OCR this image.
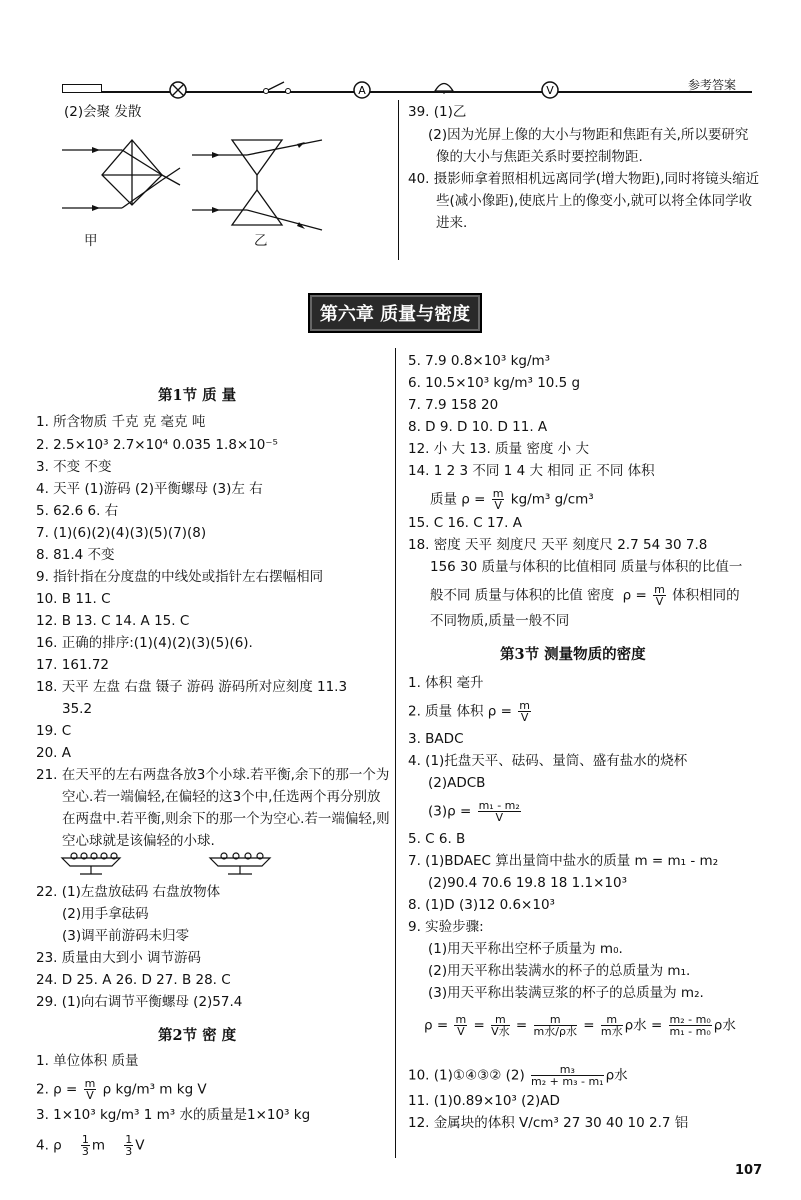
A	V	参考答案
(2)会聚 发散
甲	乙
39. (1)乙
(2)因为光屏上像的大小与物距和焦距有关,所以要研究
像的大小与焦距关系时要控制物距.
40. 摄影师拿着照相机远离同学(增大物距),同时将镜头缩近
些(减小像距),使底片上的像变小,就可以将全体同学收
进来.
第六章 质量与密度
第1节 质 量
1. 所含物质 千克 克 毫克 吨
2. 2.5×10³ 2.7×10⁴ 0.035 1.8×10⁻⁵
3. 不变 不变
4. 天平 (1)游码 (2)平衡螺母 (3)左 右
5. 62.6 6. 右
7. (1)(6)(2)(4)(3)(5)(7)(8)
8. 81.4 不变
9. 指针指在分度盘的中线处或指针左右摆幅相同
10. B 11. C
12. B 13. C 14. A 15. C
16. 正确的排序:(1)(4)(2)(3)(5)(6).
17. 161.72
18. 天平 左盘 右盘 镊子 游码 游码所对应刻度 11.3
35.2
19. C
20. A
21. 在天平的左右两盘各放3个小球.若平衡,余下的那一个为
空心.若一端偏轻,在偏轻的这3个中,任选两个再分别放
在两盘中.若平衡,则余下的那一个为空心.若一端偏轻,则
空心球就是该偏轻的小球.
22. (1)左盘放砝码 右盘放物体
(2)用手拿砝码
(3)调平前游码未归零
23. 质量由大到小 调节游码
24. D 25. A 26. D 27. B 28. C
29. (1)向右调节平衡螺母 (2)57.4
第2节 密 度
1. 单位体积 质量
2. $\rho = \frac{m}{V}$ ρ kg/m³ m kg V
3. 1×10³ kg/m³ 1 m³ 水的质量是1×10³ kg
4. ρ $\frac{1}{3}$ m $\frac{1}{3}$ V
5. 7.9 0.8×10³ kg/m³
6. 10.5×10³ kg/m³ 10.5 g
7. 7.9 158 20
8. D 9. D 10. D 11. A
12. 小 大 13. 质量 密度 小 大
14. 1 2 3 不同 1 4 大 相同 正 不同 体积
质量 $\rho = \frac{m}{V} kg/m^3$ g/cm³
15. C 16. C 17. A
18. 密度 天平 刻度尺 天平 刻度尺 2.7 54 30 7.8
156 30 质量与体积的比值相同 质量与体积的比值一
般不同 质量与体积的比值 密度  $\rho = \frac{m}{V}$ 体积相同的
不同物质,质量一般不同
第3节 测量物质的密度
1. 体积 毫升
2. 质量 体积 $\rho = \frac{m}{V}$
3. BADC
4. (1)托盘天平、砝码、量筒、盛有盐水的烧杯
(2)ADCB
$(3)\rho = \frac{\text{m₁ - m₂}}{V}$
5. C 6. B
7. (1)BDAEC 算出量筒中盐水的质量 m = m₁ - m₂
(2)90.4 70.6 19.8 18 1.1×10³
8. (1)D (3)12 0.6×10³
9. 实验步骤:
(1)用天平称出空杯子质量为 m₀.
(2)用天平称出装满水的杯子的总质量为 m₁.
(3)用天平称出装满豆浆的杯子的总质量为 m₂.
$\rho = \frac{m}{V} = \frac{m}{\text{V水}} = \frac{m}{\text{m水/ρ水}} = \frac{m}{\text{m水}}$ ρ水 = $\frac{\text{m₂ - m₀}}{\text{m₁ - m₀}}$ ρ水
10. (1)①④③② $(2) \frac{\text{m₃}}{\text{m₂ + m₃ - m₁}}$ ρ水
11. (1)0.89×10³ (2)AD
12. 金属块的体积 V/cm³ 27 30 40 10 2.7 铝
107
